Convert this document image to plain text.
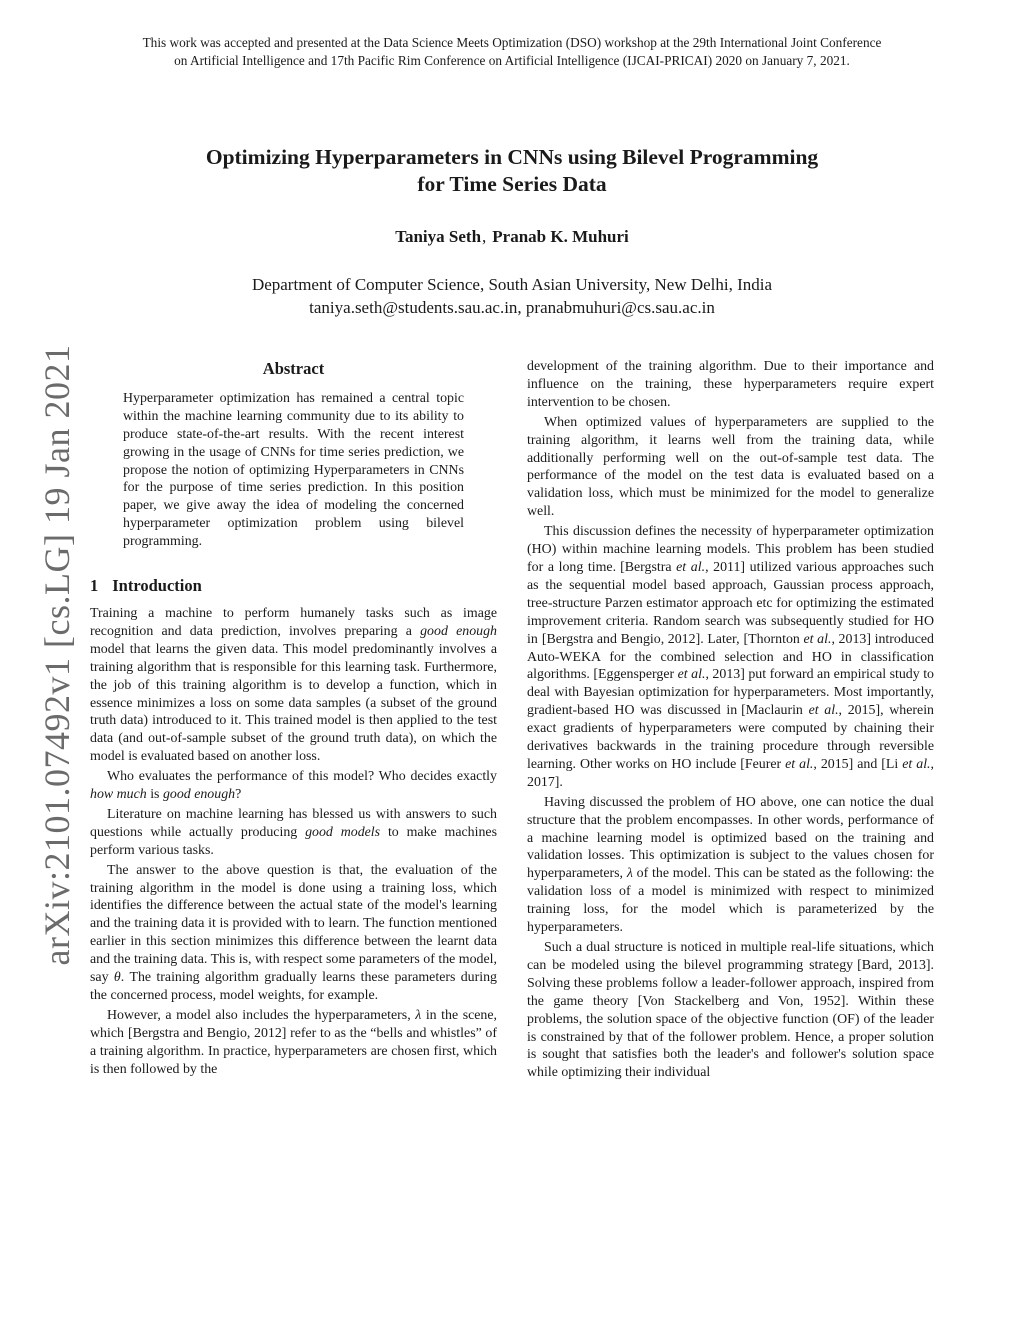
This work was accepted and presented at the Data Science Meets Optimization (DSO) workshop at the 29th International Joint Conference
on Artificial Intelligence and 17th Pacific Rim Conference on Artificial Intelligence (IJCAI-PRICAI) 2020 on January 7, 2021.
Optimizing Hyperparameters in CNNs using Bilevel Programming
for Time Series Data
Taniya Seth, Pranab K. Muhuri
Department of Computer Science, South Asian University, New Delhi, India
taniya.seth@students.sau.ac.in, pranabmuhuri@cs.sau.ac.in
arXiv:2101.07492v1 [cs.LG] 19 Jan 2021	Abstract

Hyperparameter optimization has remained a central topic within the machine learning community due to its ability to produce state-of-the-art results. With the recent interest growing in the usage of CNNs for time series prediction, we propose the notion of optimizing Hyperparameters in CNNs for the purpose of time series prediction. In this position paper, we give away the idea of modeling the concerned hyperparameter optimization problem using bilevel programming.

1 Introduction

Training a machine to perform humanely tasks such as image recognition and data prediction, involves preparing a good enough model that learns the given data. This model predominantly involves a training algorithm that is responsible for this learning task. Furthermore, the job of this training algorithm is to develop a function, which in essence minimizes a loss on some data samples (a subset of the ground truth data) introduced to it. This trained model is then applied to the test data (and out-of-sample subset of the ground truth data), on which the model is evaluated based on another loss.

Who evaluates the performance of this model? Who decides exactly how much is good enough?

Literature on machine learning has blessed us with answers to such questions while actually producing good models to make machines perform various tasks.

The answer to the above question is that, the evaluation of the training algorithm in the model is done using a training loss, which identifies the difference between the actual state of the model's learning and the training data it is provided with to learn. The function mentioned earlier in this section minimizes this difference between the learnt data and the training data. This is, with respect some parameters of the model, say θ. The training algorithm gradually learns these parameters during the concerned process, model weights, for example.

However, a model also includes the hyperparameters, λ in the scene, which [Bergstra and Bengio, 2012] refer to as the “bells and whistles” of a training algorithm. In practice, hyperparameters are chosen first, which is then followed by the

development of the training algorithm. Due to their importance and influence on the training, these hyperparameters require expert intervention to be chosen.

When optimized values of hyperparameters are supplied to the training algorithm, it learns well from the training data, while additionally performing well on the out-of-sample test data. The performance of the model on the test data is evaluated based on a validation loss, which must be minimized for the model to generalize well.

This discussion defines the necessity of hyperparameter optimization (HO) within machine learning models. This problem has been studied for a long time. [Bergstra et al., 2011] utilized various approaches such as the sequential model based approach, Gaussian process approach, tree-structure Parzen estimator approach etc for optimizing the estimated improvement criteria. Random search was subsequently studied for HO in [Bergstra and Bengio, 2012]. Later, [Thornton et al., 2013] introduced Auto-WEKA for the combined selection and HO in classification algorithms. [Eggensperger et al., 2013] put forward an empirical study to deal with Bayesian optimization for hyperparameters. Most importantly, gradient-based HO was discussed in [Maclaurin et al., 2015], wherein exact gradients of hyperparameters were computed by chaining their derivatives backwards in the training procedure through reversible learning. Other works on HO include [Feurer et al., 2015] and [Li et al., 2017].

Having discussed the problem of HO above, one can notice the dual structure that the problem encompasses. In other words, performance of a machine learning model is optimized based on the training and validation losses. This optimization is subject to the values chosen for hyperparameters, λ of the model. This can be stated as the following: the validation loss of a model is minimized with respect to minimized training loss, for the model which is parameterized by the hyperparameters.

Such a dual structure is noticed in multiple real-life situations, which can be modeled using the bilevel programming strategy [Bard, 2013]. Solving these problems follow a leader-follower approach, inspired from the game theory [Von Stackelberg and Von, 1952]. Within these problems, the solution space of the objective function (OF) of the leader is constrained by that of the follower problem. Hence, a proper solution is sought that satisfies both the leader's and follower's solution space while optimizing their individual
